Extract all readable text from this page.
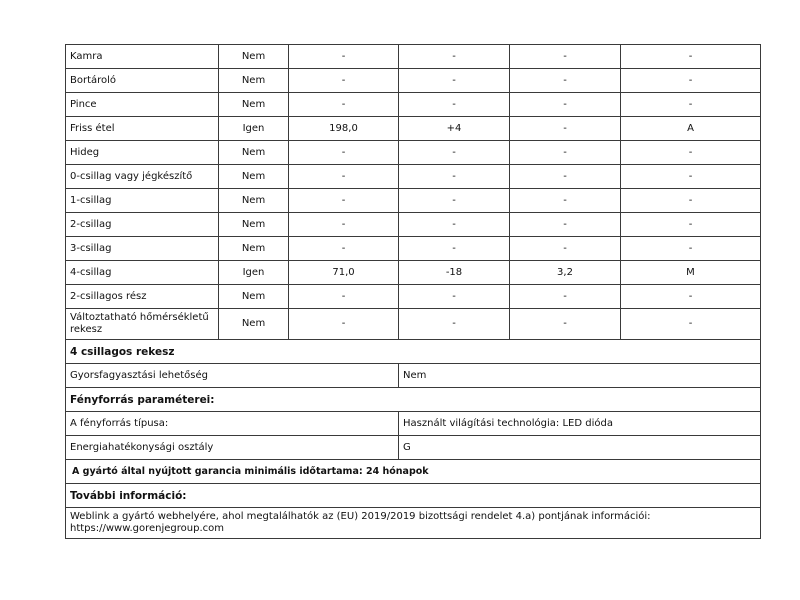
Kamra	Nem	-	-	-	-
Bortároló	Nem	-	-	-	-
Pince	Nem	-	-	-	-
Friss étel	Igen	198,0	+4	-	A
Hideg	Nem	-	-	-	-
0-csillag vagy jégkészítő	Nem	-	-	-	-
1-csillag	Nem	-	-	-	-
2-csillag	Nem	-	-	-	-
3-csillag	Nem	-	-	-	-
4-csillag	Igen	71,0	-18	3,2	M
2-csillagos rész	Nem	-	-	-	-
Változtatható hőmérsékletű rekesz	Nem	-	-	-	-
4 csillagos rekesz					
Gyorsfagyasztási lehetőség			Nem		
Fényforrás paraméterei:					
A fényforrás típusa:			Használt világítási technológia: LED dióda		
Energiahatékonysági osztály			G		
A gyártó által nyújtott garancia minimális időtartama: 24 hónapok					
További információ:					

Weblink a gyártó webhelyére, ahol megtalálhatók az (EU) 2019/2019 bizottsági rendelet 4.a) pontjának információi:
https://www.gorenjegroup.com					
